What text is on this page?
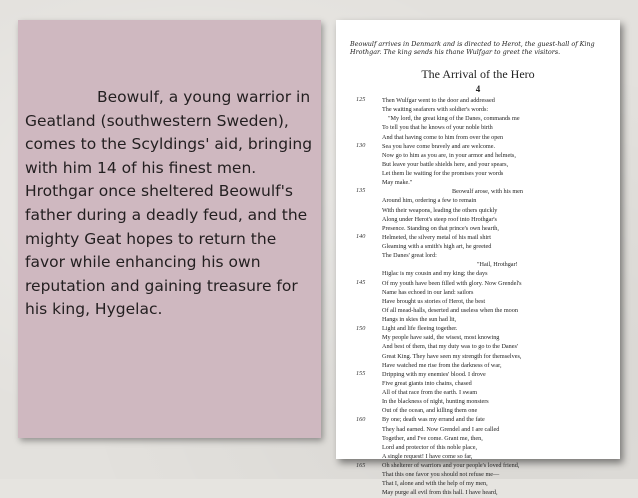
Beowulf, a young warrior in Geatland (southwestern Sweden), comes to the Scyldings' aid, bringing with him 14 of his finest men. Hrothgar once sheltered Beowulf's father during a deadly feud, and the mighty Geat hopes to return the favor while enhancing his own reputation and gaining treasure for his king, Hygelac.

Beowulf arrives in Denmark and is directed to Herot, the guest-hall of King Hrothgar. The king sends his thane Wulfgar to greet the visitors.
The Arrival of the Hero
4
125
130
135
140
145
150
155
160
165
Then Wulfgar went to the door and addressed
The waiting seafarers with soldier's words:
"My lord, the great king of the Danes, commands me
To tell you that he knows of your noble birth
And that having come to him from over the open
Sea you have come bravely and are welcome.
Now go to him as you are, in your armor and helmets,
But leave your battle shields here, and your spears,
Let them lie waiting for the promises your words
May make."
Beowulf arose, with his men
Around him, ordering a few to remain
With their weapons, leading the others quickly
Along under Herot's steep roof into Hrothgar's
Presence. Standing on that prince's own hearth,
Helmeted, the silvery metal of his mail shirt
Gleaming with a smith's high art, he greeted
The Danes' great lord:
"Hail, Hrothgar!
Higlac is my cousin and my king; the days
Of my youth have been filled with glory. Now Grendel's
Name has echoed in our land: sailors
Have brought us stories of Herot, the best
Of all mead-halls, deserted and useless when the moon
Hangs in skies the sun had lit,
Light and life fleeing together.
My people have said, the wisest, most knowing
And best of them, that my duty was to go to the Danes'
Great King. They have seen my strength for themselves,
Have watched me rise from the darkness of war,
Dripping with my enemies' blood. I drove
Five great giants into chains, chased
All of that race from the earth. I swam
In the blackness of night, hunting monsters
Out of the ocean, and killing them one
By one; death was my errand and the fate
They had earned. Now Grendel and I are called
Together, and I've come. Grant me, then,
Lord and protector of this noble place,
A single request! I have come so far,
Oh shelterer of warriors and your people's loved friend,
That this one favor you should not refuse me—
That I, alone and with the help of my men,
May purge all evil from this hall. I have heard,
